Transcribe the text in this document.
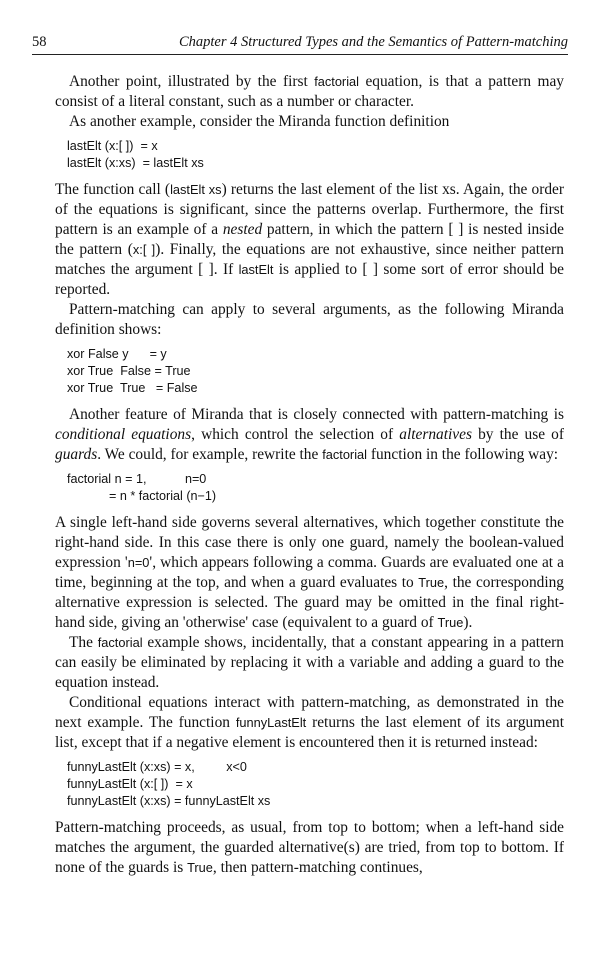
58	Chapter 4 Structured Types and the Semantics of Pattern-matching

Another point, illustrated by the first factorial equation, is that a pattern may consist of a literal constant, such as a number or character.

As another example, consider the Miranda function definition

lastElt (x:[ ])  = x
lastElt (x:xs)  = lastElt xs

The function call (lastElt xs) returns the last element of the list xs. Again, the order of the equations is significant, since the patterns overlap. Furthermore, the first pattern is an example of a nested pattern, in which the pattern [ ] is nested inside the pattern (x:[ ]). Finally, the equations are not exhaustive, since neither pattern matches the argument [ ]. If lastElt is applied to [ ] some sort of error should be reported.

Pattern-matching can apply to several arguments, as the following Miranda definition shows:

xor False y      = y
xor True  False = True
xor True  True   = False

Another feature of Miranda that is closely connected with pattern-matching is conditional equations, which control the selection of alternatives by the use of guards. We could, for example, rewrite the factorial function in the following way:

factorial n = 1,           n=0
= n * factorial (n−1)

A single left-hand side governs several alternatives, which together constitute the right-hand side. In this case there is only one guard, namely the boolean-valued expression 'n=0', which appears following a comma. Guards are evaluated one at a time, beginning at the top, and when a guard evaluates to True, the corresponding alternative expression is selected. The guard may be omitted in the final right-hand side, giving an 'otherwise' case (equivalent to a guard of True).

The factorial example shows, incidentally, that a constant appearing in a pattern can easily be eliminated by replacing it with a variable and adding a guard to the equation instead.

Conditional equations interact with pattern-matching, as demonstrated in the next example. The function funnyLastElt returns the last element of its argument list, except that if a negative element is encountered then it is returned instead:

funnyLastElt (x:xs) = x,         x<0
funnyLastElt (x:[ ])  = x
funnyLastElt (x:xs) = funnyLastElt xs

Pattern-matching proceeds, as usual, from top to bottom; when a left-hand side matches the argument, the guarded alternative(s) are tried, from top to bottom. If none of the guards is True, then pattern-matching continues,
